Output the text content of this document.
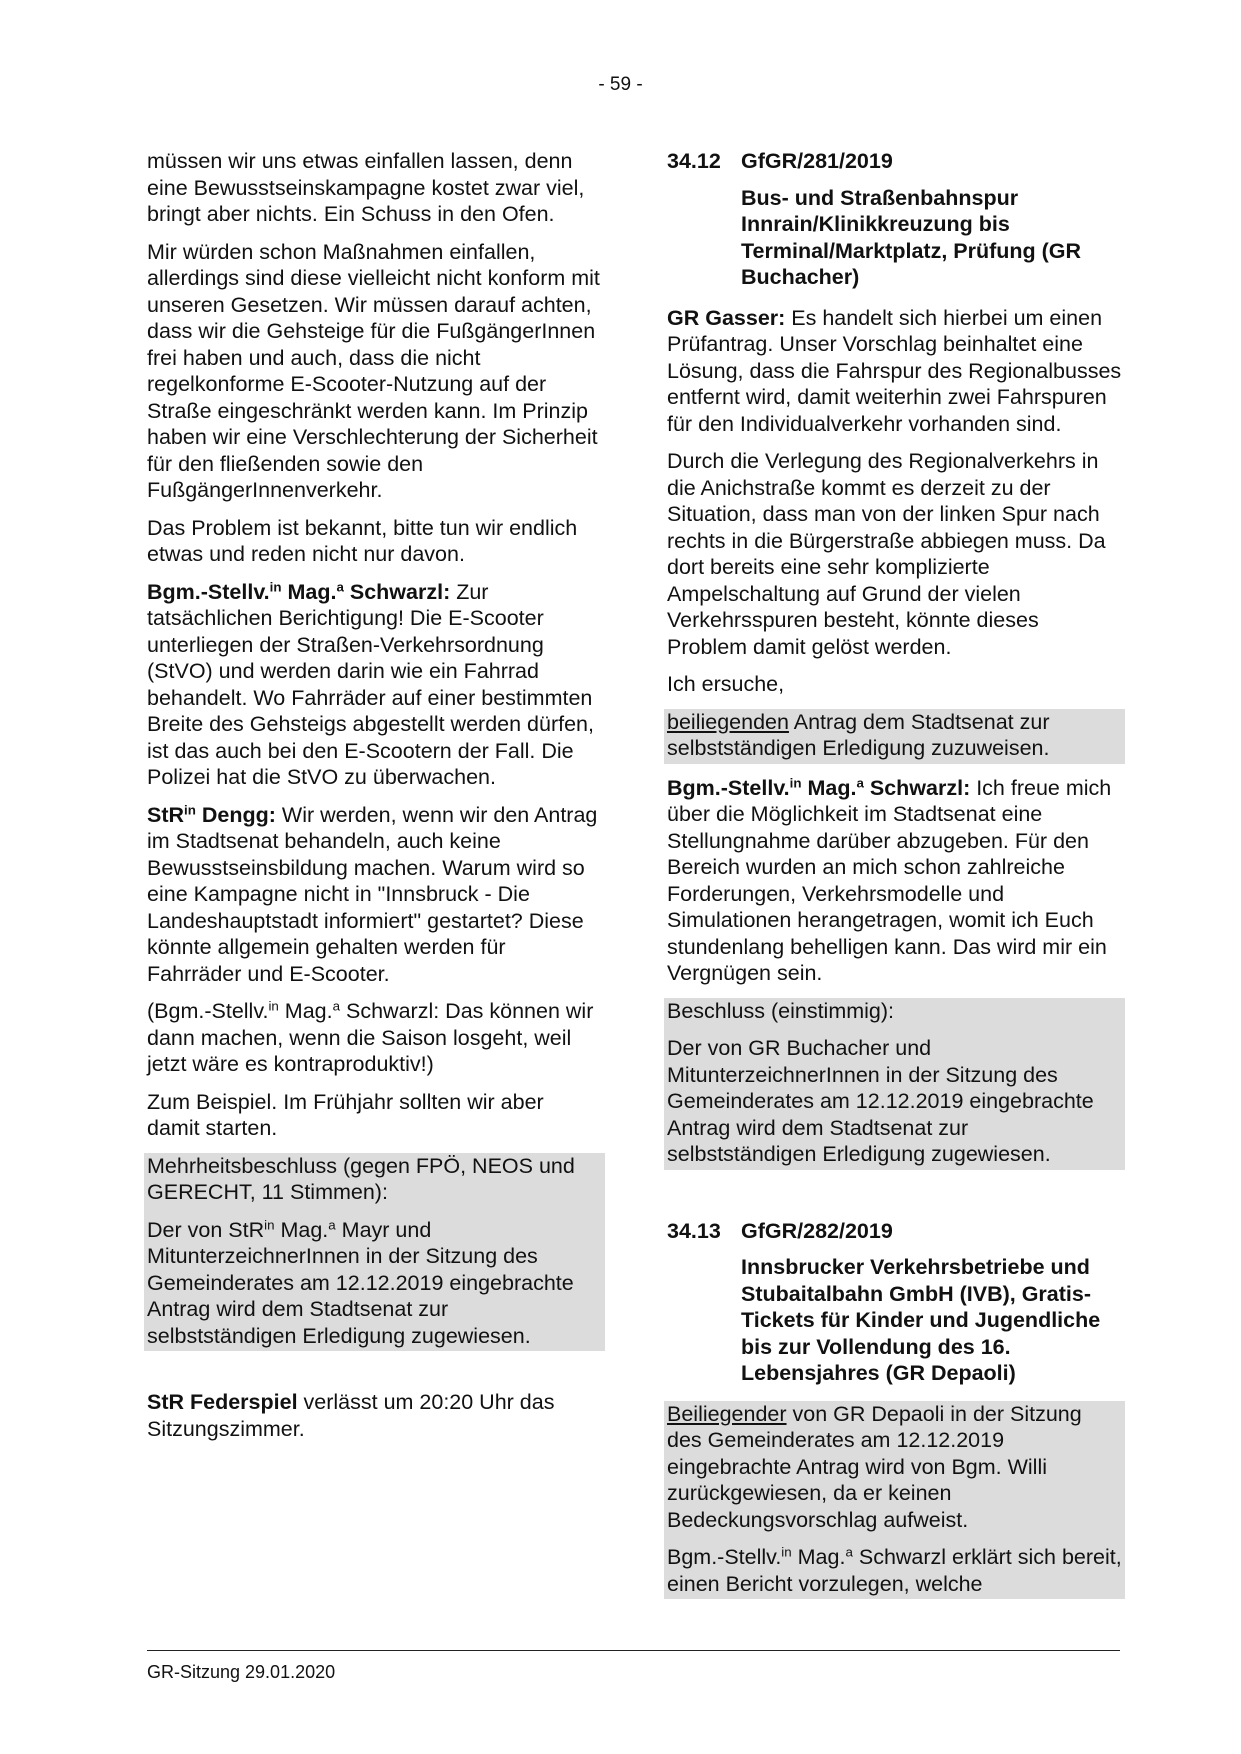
- 59 -

müssen wir uns etwas einfallen lassen, denn eine Bewusstseinskampagne kostet zwar viel, bringt aber nichts. Ein Schuss in den Ofen.

Mir würden schon Maßnahmen einfallen, allerdings sind diese vielleicht nicht konform mit unseren Gesetzen. Wir müssen darauf achten, dass wir die Gehsteige für die FußgängerInnen frei haben und auch, dass die nicht regelkonforme E-Scooter-Nutzung auf der Straße eingeschränkt werden kann. Im Prinzip haben wir eine Verschlechterung der Sicherheit für den fließenden sowie den FußgängerInnenverkehr.

Das Problem ist bekannt, bitte tun wir endlich etwas und reden nicht nur davon.

Bgm.-Stellv.$^{in}$ Mag.$^a$ Schwarzl: Zur tatsächlichen Berichtigung! Die E-Scooter unterliegen der Straßen-Verkehrsordnung (StVO) und werden darin wie ein Fahrrad behandelt. Wo Fahrräder auf einer bestimmten Breite des Gehsteigs abgestellt werden dürfen, ist das auch bei den E-Scootern der Fall. Die Polizei hat die StVO zu überwachen.

StR$^{in}$ Dengg: Wir werden, wenn wir den Antrag im Stadtsenat behandeln, auch keine Bewusstseinsbildung machen. Warum wird so eine Kampagne nicht in "Innsbruck - Die Landeshauptstadt informiert" gestartet? Diese könnte allgemein gehalten werden für Fahrräder und E-Scooter.

(Bgm.-Stellv.$^{in}$ Mag.$^a$ Schwarzl: Das können wir dann machen, wenn die Saison losgeht, weil jetzt wäre es kontraproduktiv!)

Zum Beispiel. Im Frühjahr sollten wir aber damit starten.

Mehrheitsbeschluss (gegen FPÖ, NEOS und GERECHT, 11 Stimmen):

Der von StR$^{in}$ Mag.$^a$ Mayr und MitunterzeichnerInnen in der Sitzung des Gemeinderates am 12.12.2019 eingebrachte Antrag wird dem Stadtsenat zur selbstständigen Erledigung zugewiesen.

StR Federspiel verlässt um 20:20 Uhr das Sitzungszimmer.

34.12 GfGR/281/2019
Bus- und Straßenbahnspur Innrain/Klinikkreuzung bis Terminal/Marktplatz, Prüfung (GR Buchacher)

GR Gasser: Es handelt sich hierbei um einen Prüfantrag. Unser Vorschlag beinhaltet eine Lösung, dass die Fahrspur des Regionalbusses entfernt wird, damit weiterhin zwei Fahrspuren für den Individualverkehr vorhanden sind.

Durch die Verlegung des Regionalverkehrs in die Anichstraße kommt es derzeit zu der Situation, dass man von der linken Spur nach rechts in die Bürgerstraße abbiegen muss. Da dort bereits eine sehr komplizierte Ampelschaltung auf Grund der vielen Verkehrsspuren besteht, könnte dieses Problem damit gelöst werden.

Ich ersuche,

beiliegenden Antrag dem Stadtsenat zur selbstständigen Erledigung zuzuweisen.

Bgm.-Stellv.$^{in}$ Mag.$^a$ Schwarzl: Ich freue mich über die Möglichkeit im Stadtsenat eine Stellungnahme darüber abzugeben. Für den Bereich wurden an mich schon zahlreiche Forderungen, Verkehrsmodelle und Simulationen herangetragen, womit ich Euch stundenlang behelligen kann. Das wird mir ein Vergnügen sein.

Beschluss (einstimmig):

Der von GR Buchacher und MitunterzeichnerInnen in der Sitzung des Gemeinderates am 12.12.2019 eingebrachte Antrag wird dem Stadtsenat zur selbstständigen Erledigung zugewiesen.

34.13 GfGR/282/2019
Innsbrucker Verkehrsbetriebe und Stubaitalbahn GmbH (IVB), Gratis-Tickets für Kinder und Jugendliche bis zur Vollendung des 16. Lebensjahres (GR Depaoli)

Beiliegender von GR Depaoli in der Sitzung des Gemeinderates am 12.12.2019 eingebrachte Antrag wird von Bgm. Willi zurückgewiesen, da er keinen Bedeckungsvorschlag aufweist.

Bgm.-Stellv.$^{in}$ Mag.$^a$ Schwarzl erklärt sich bereit, einen Bericht vorzulegen, welche

GR-Sitzung 29.01.2020
